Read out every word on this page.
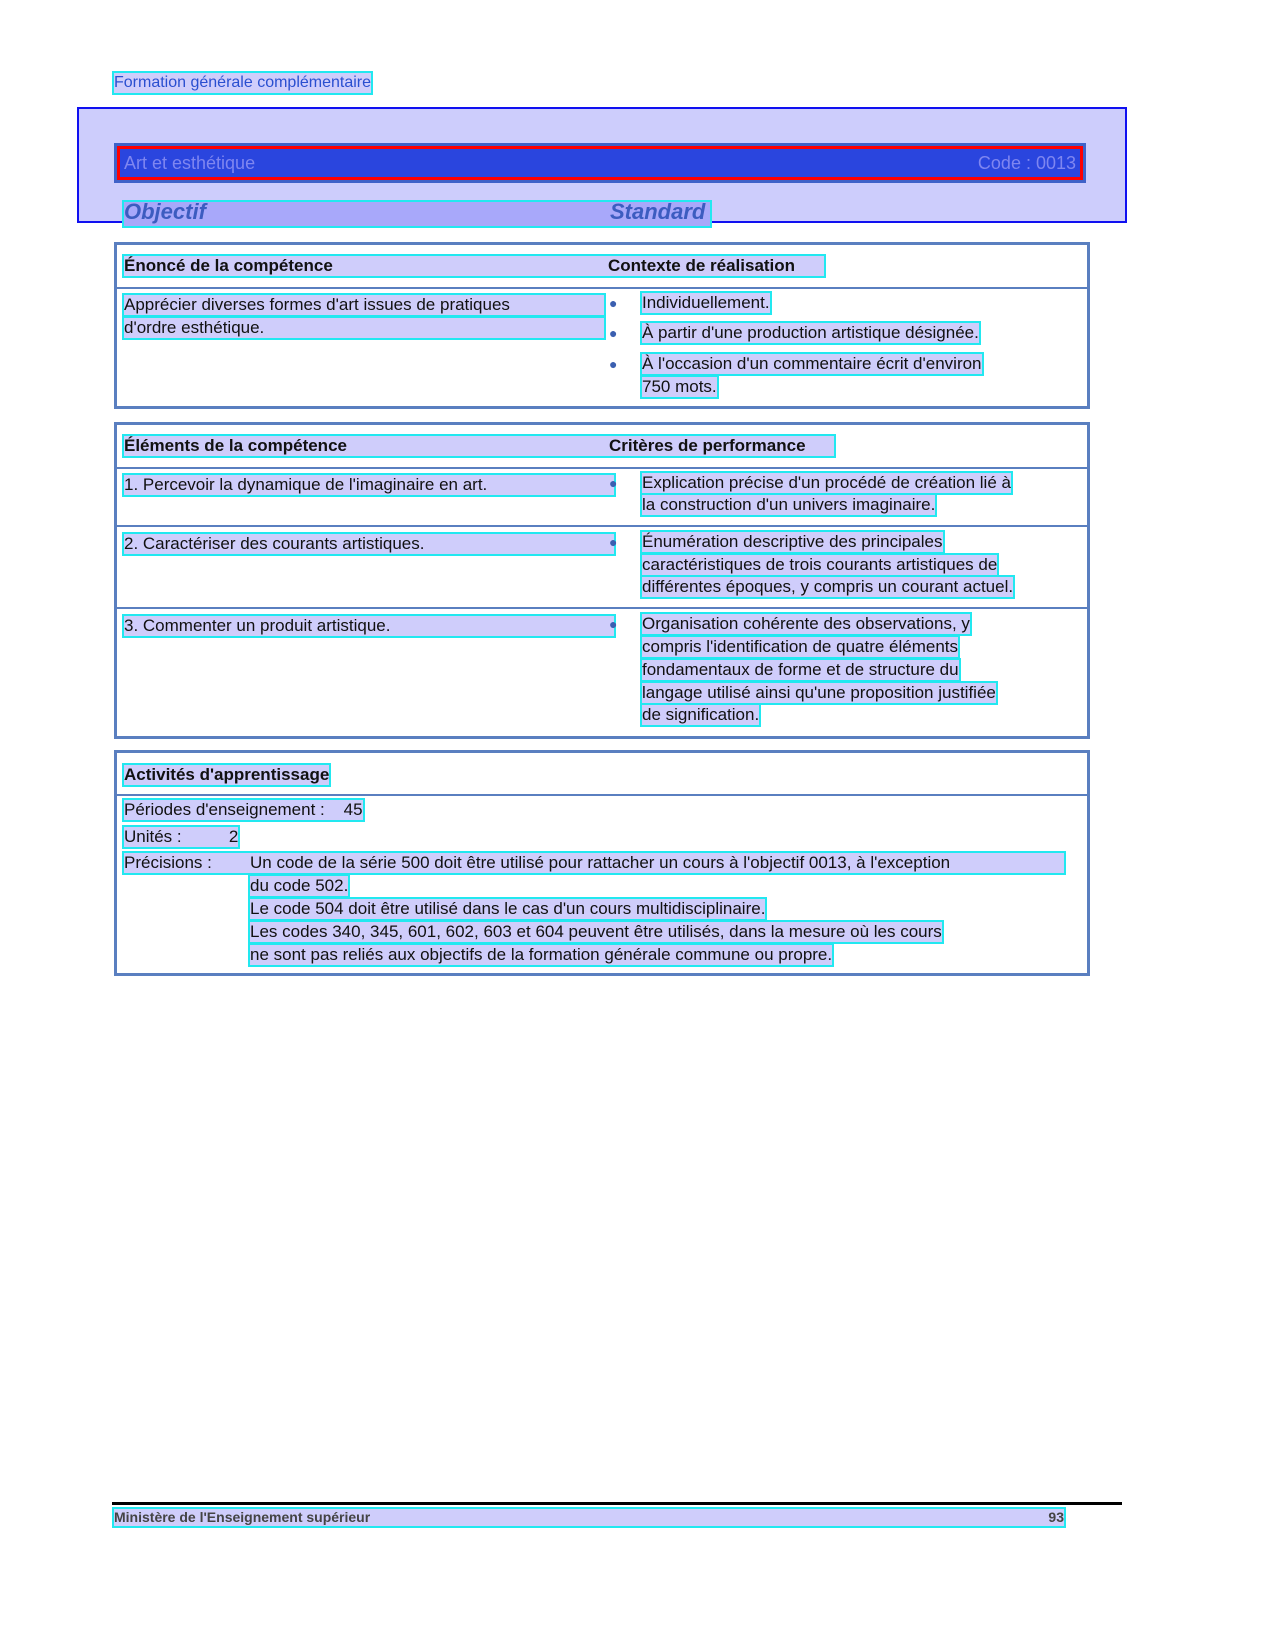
Formation générale complémentaire
Art et esthétique	Code : 0013
Objectif	Standard
Énoncé de la compétence	Contexte de réalisation
Apprécier diverses formes d'art issues de pratiques
d'ordre esthétique.
● Individuellement.
● À partir d'une production artistique désignée.
● À l'occasion d'un commentaire écrit d'environ
750 mots.
Éléments de la compétence	Critères de performance
1. Percevoir la dynamique de l'imaginaire en art.	● Explication précise d'un procédé de création lié à
la construction d'un univers imaginaire.
2. Caractériser des courants artistiques.	● Énumération descriptive des principales
caractéristiques de trois courants artistiques de
différentes époques, y compris un courant actuel.
3. Commenter un produit artistique.	● Organisation cohérente des observations, y
compris l'identification de quatre éléments
fondamentaux de forme et de structure du
langage utilisé ainsi qu'une proposition justifiée
de signification.
Activités d'apprentissage
Périodes d'enseignement :    45
Unités :          2
Précisions : Un code de la série 500 doit être utilisé pour rattacher un cours à l'objectif 0013, à l'exception
du code 502.
Le code 504 doit être utilisé dans le cas d'un cours multidisciplinaire.
Les codes 340, 345, 601, 602, 603 et 604 peuvent être utilisés, dans la mesure où les cours
ne sont pas reliés aux objectifs de la formation générale commune ou propre.
Ministère de l'Enseignement supérieur	93
